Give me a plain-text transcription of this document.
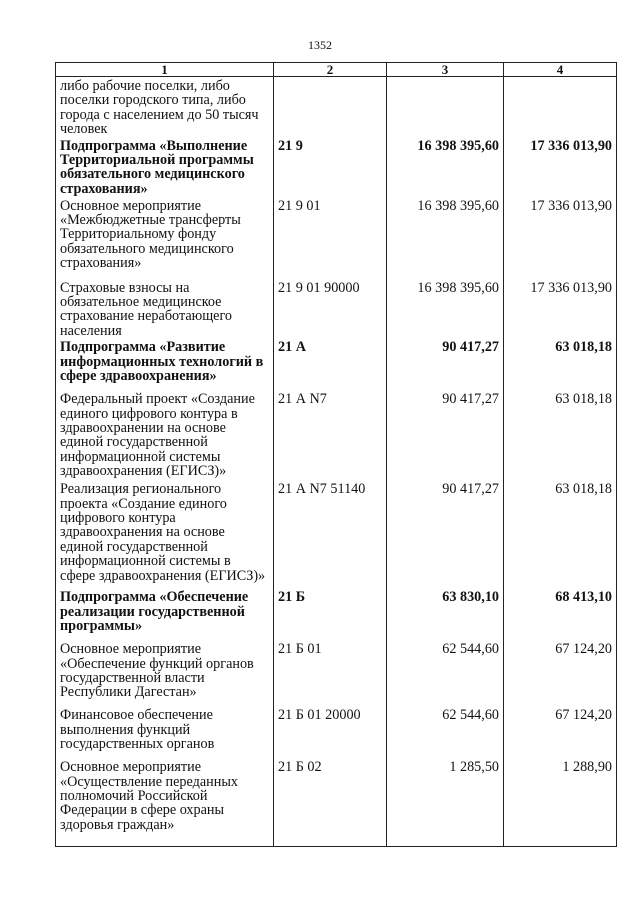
1352
1	2	3	4
либо рабочие поселки, либо поселки городского типа, либо города с населением до 50 тысяч человек			
Подпрограмма «Выполнение Территориальной программы обязательного медицинского страхования»	21 9	16 398 395,60	17 336 013,90
Основное мероприятие «Межбюджетные трансферты Территориальному фонду обязательного медицинского страхования»	21 9 01	16 398 395,60	17 336 013,90
Страховые взносы на обязательное медицинское страхование неработающего населения	21 9 01 90000	16 398 395,60	17 336 013,90
Подпрограмма «Развитие информационных технологий в сфере здравоохранения»	21 А	90 417,27	63 018,18
Федеральный проект «Создание единого цифрового контура в здравоохранении на основе единой государственной информационной системы здравоохранения (ЕГИСЗ)»	21 А N7	90 417,27	63 018,18
Реализация регионального проекта «Создание единого цифрового контура здравоохранения на основе единой государственной информационной системы в сфере здравоохранения (ЕГИСЗ)»	21 А N7 51140	90 417,27	63 018,18
Подпрограмма «Обеспечение реализации государственной программы»	21 Б	63 830,10	68 413,10
Основное мероприятие «Обеспечение функций органов государственной власти Республики Дагестан»	21 Б 01	62 544,60	67 124,20
Финансовое обеспечение выполнения функций государственных органов	21 Б 01 20000	62 544,60	67 124,20
Основное мероприятие «Осуществление переданных полномочий Российской Федерации в сфере охраны здоровья граждан»	21 Б 02	1 285,50	1 288,90
